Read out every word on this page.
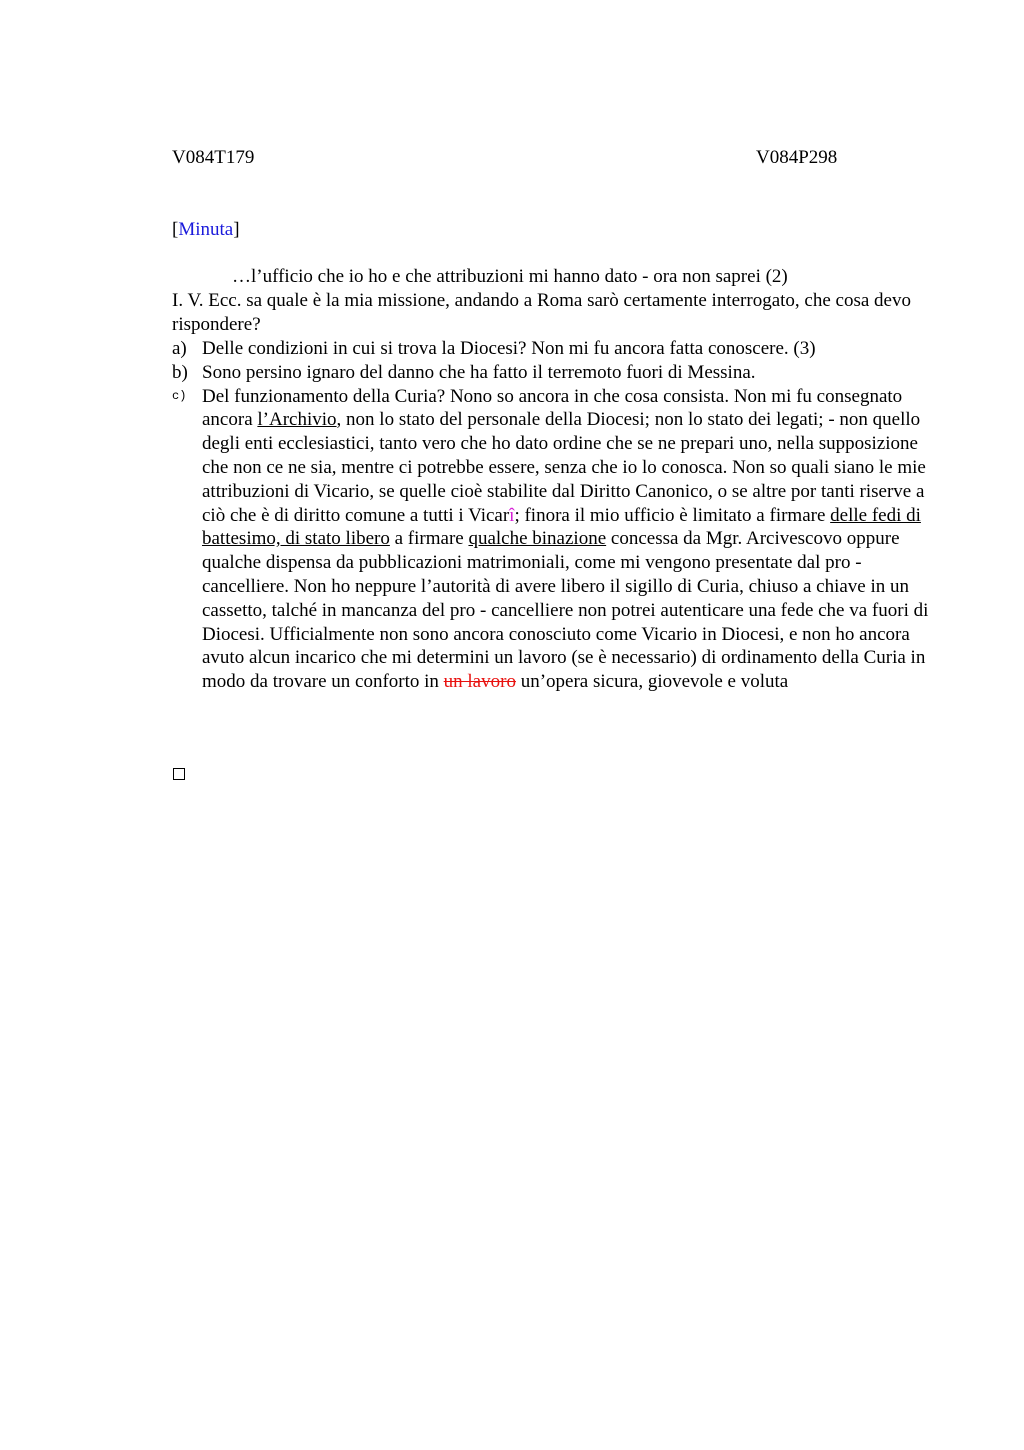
V084T179	V084P298
[Minuta]

…l’ufficio che io ho e che attribuzioni mi hanno dato - ora non saprei (2)

I. V. Ecc. sa quale è la mia missione, andando a Roma sarò certamente interrogato, che cosa devo rispondere?

a) Delle condizioni in cui si trova la Diocesi? Non mi fu ancora fatta conoscere. (3)
b) Sono persino ignaro del danno che ha fatto il terremoto fuori di Messina.
c) Del funzionamento della Curia? Nono so ancora in che cosa consista. Non mi fu consegnato ancora l’Archivio, non lo stato del personale della Diocesi; non lo stato dei legati; - non quello degli enti ecclesiastici, tanto vero che ho dato ordine che se ne prepari uno, nella supposizione che non ce ne sia, mentre ci potrebbe essere, senza che io lo conosca. Non so quali siano le mie attribuzioni di Vicario, se quelle cioè stabilite dal Diritto Canonico, o se altre por tanti riserve a ciò che è di diritto comune a tutti i Vicarî; finora il mio ufficio è limitato a firmare delle fedi di battesimo, di stato libero a firmare qualche binazione concessa da Mgr. Arcivescovo oppure qualche dispensa da pubblicazioni matrimoniali, come mi vengono presentate dal pro - cancelliere. Non ho neppure l’autorità di avere libero il sigillo di Curia, chiuso a chiave in un cassetto, talché in mancanza del pro - cancelliere non potrei autenticare una fede che va fuori di Diocesi. Ufficialmente non sono ancora conosciuto come Vicario in Diocesi, e non ho ancora avuto alcun incarico che mi determini un lavoro (se è necessario) di ordinamento della Curia in modo da trovare un conforto in un lavoro un’opera sicura, giovevole e voluta
